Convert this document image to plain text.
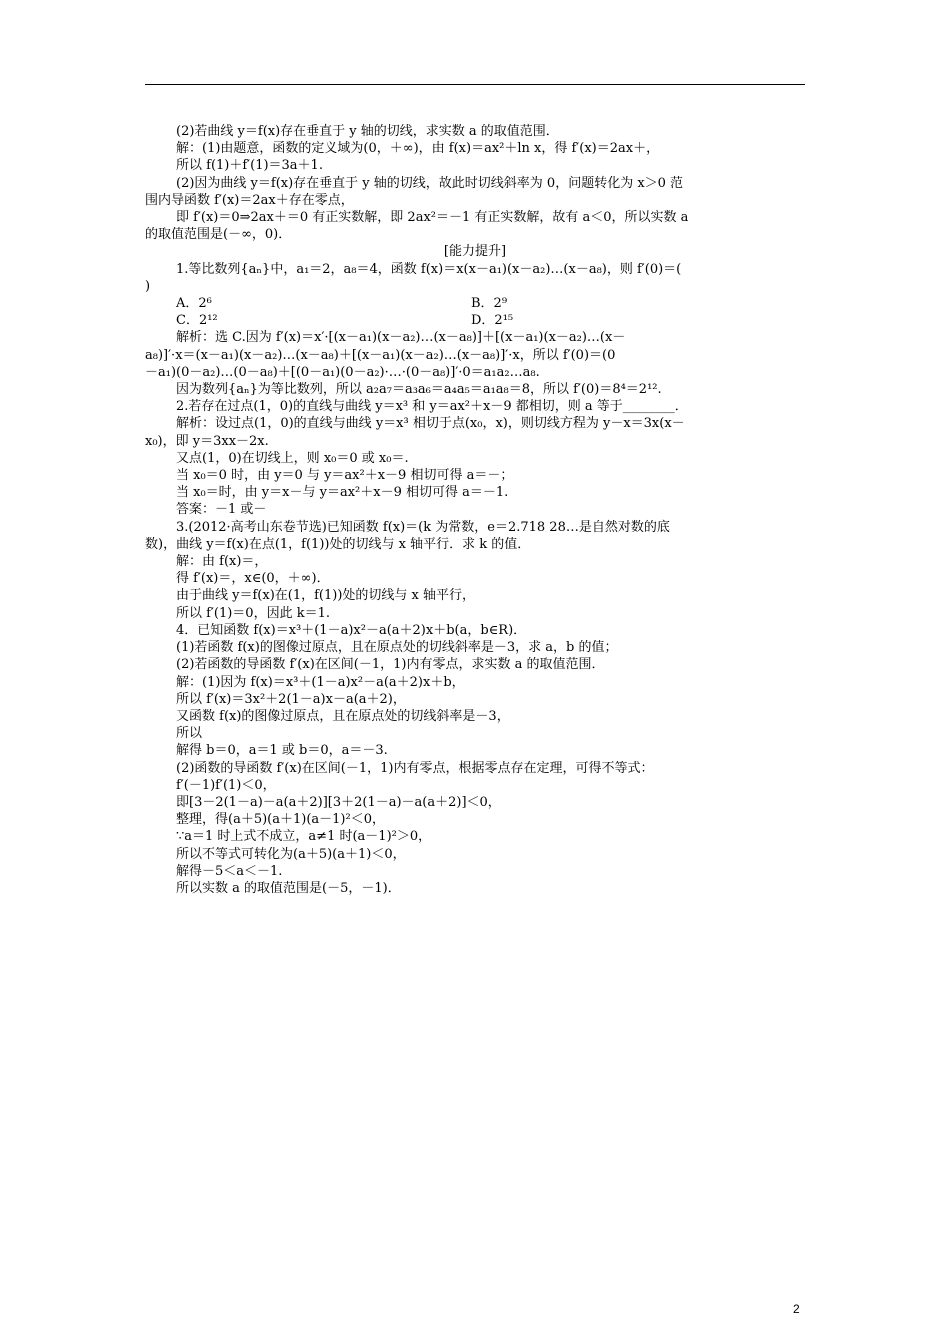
(2)若曲线 y＝f(x)存在垂直于 y 轴的切线，求实数 a 的取值范围．

解：(1)由题意，函数的定义域为(0，＋∞)，由 f(x)＝ax²＋ln x，得 f′(x)＝2ax＋，

所以 f(1)＋f′(1)＝3a＋1.

(2)因为曲线 y＝f(x)存在垂直于 y 轴的切线，故此时切线斜率为 0，问题转化为 x＞0 范

围内导函数 f′(x)＝2ax＋存在零点，

即 f′(x)＝0⇒2ax＋＝0 有正实数解，即 2ax²＝－1 有正实数解，故有 a＜0，所以实数 a

的取值范围是(－∞，0)．

[能力提升]

1.等比数列{aₙ}中，a₁＝2，a₈＝4，函数 f(x)＝x(x－a₁)(x－a₂)…(x－a₈)，则 f′(0)＝(

)

A．2⁶	B．2⁹
C．2¹²	D．2¹⁵

解析：选 C.因为 f′(x)＝x′·[(x－a₁)(x－a₂)…(x－a₈)]＋[(x－a₁)(x－a₂)…(x－

a₈)]′·x＝(x－a₁)(x－a₂)…(x－a₈)＋[(x－a₁)(x－a₂)…(x－a₈)]′·x，所以 f′(0)＝(0

－a₁)(0－a₂)…(0－a₈)＋[(0－a₁)(0－a₂)·…·(0－a₈)]′·0＝a₁a₂…a₈.

因为数列{aₙ}为等比数列，所以 a₂a₇＝a₃a₆＝a₄a₅＝a₁a₈＝8，所以 f′(0)＝8⁴＝2¹².

2.若存在过点(1，0)的直线与曲线 y＝x³ 和 y＝ax²＋x－9 都相切，则 a 等于________．

解析：设过点(1，0)的直线与曲线 y＝x³ 相切于点(x₀，x)，则切线方程为 y－x＝3x(x－

x₀)，即 y＝3xx－2x.

又点(1，0)在切线上，则 x₀＝0 或 x₀＝.

当 x₀＝0 时，由 y＝0 与 y＝ax²＋x－9 相切可得 a＝－；

当 x₀＝时，由 y＝x－与 y＝ax²＋x－9 相切可得 a＝－1.

答案：－1 或－

3.(2012·高考山东卷节选)已知函数 f(x)＝(k 为常数，e＝2.718 28…是自然对数的底

数)，曲线 y＝f(x)在点(1，f(1))处的切线与 x 轴平行．求 k 的值．

解：由 f(x)＝，

得 f′(x)＝，x∈(0，＋∞)．

由于曲线 y＝f(x)在(1，f(1))处的切线与 x 轴平行，

所以 f′(1)＝0，因此 k＝1.

4．已知函数 f(x)＝x³＋(1－a)x²－a(a＋2)x＋b(a，b∈R)．

(1)若函数 f(x)的图像过原点，且在原点处的切线斜率是－3，求 a，b 的值；

(2)若函数的导函数 f′(x)在区间(－1，1)内有零点，求实数 a 的取值范围．

解：(1)因为 f(x)＝x³＋(1－a)x²－a(a＋2)x＋b，

所以 f′(x)＝3x²＋2(1－a)x－a(a＋2)，

又函数 f(x)的图像过原点，且在原点处的切线斜率是－3，

所以

解得 b＝0，a＝1 或 b＝0，a＝－3.

(2)函数的导函数 f′(x)在区间(－1，1)内有零点，根据零点存在定理，可得不等式：

f′(－1)f′(1)＜0，

即[3－2(1－a)－a(a＋2)][3＋2(1－a)－a(a＋2)]＜0，

整理，得(a＋5)(a＋1)(a－1)²＜0，

∵a＝1 时上式不成立，a≠1 时(a－1)²＞0，

所以不等式可转化为(a＋5)(a＋1)＜0，

解得－5＜a＜－1.

所以实数 a 的取值范围是(－5，－1)．

2
